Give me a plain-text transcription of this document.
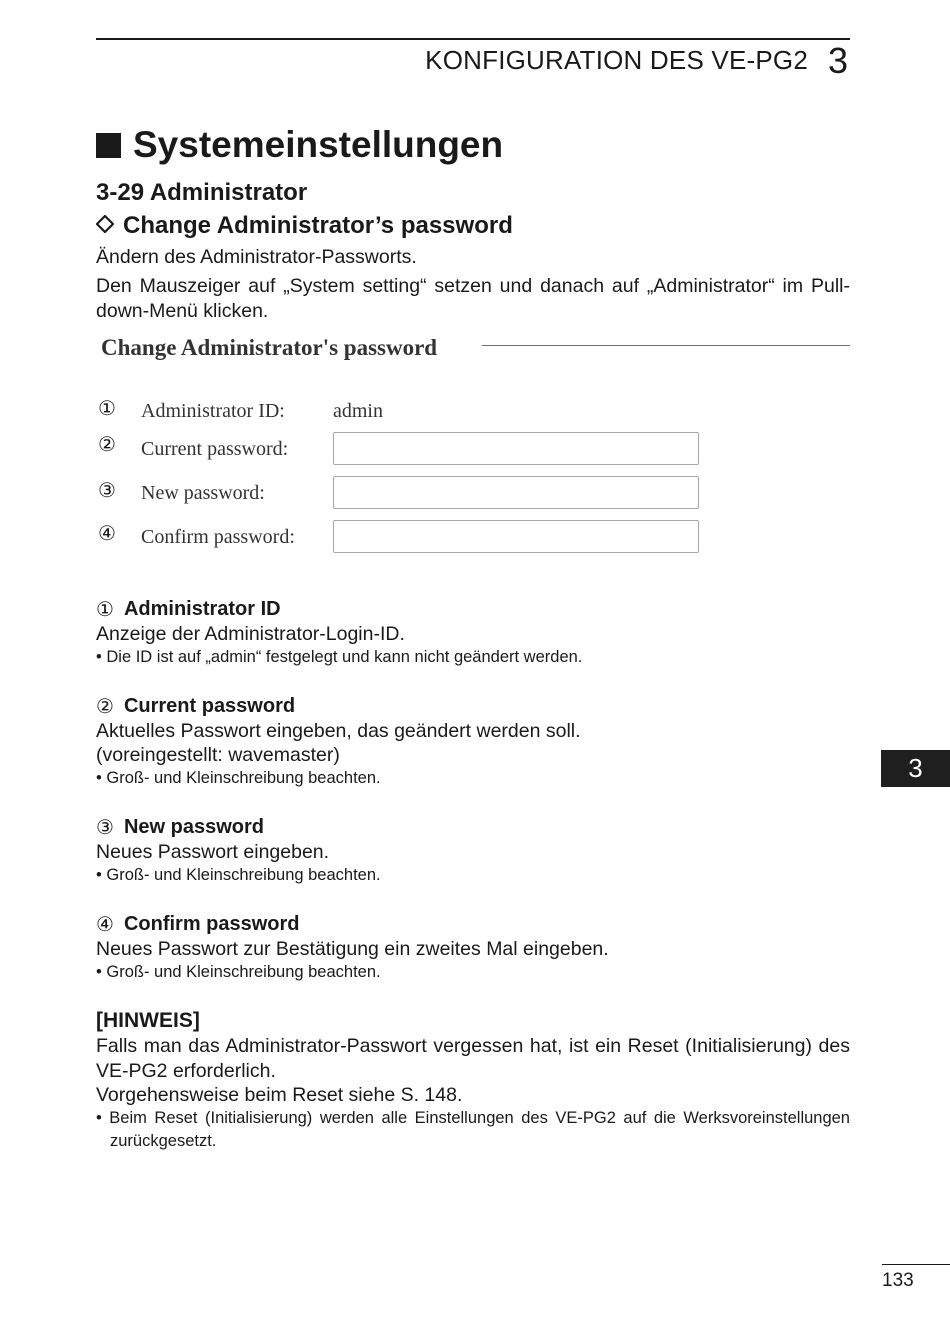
KONFIGURATION DES VE-PG2 3
Systemeinstellungen
3-29 Administrator
Change Administrator’s password
Ändern des Administrator-Passworts.
Den Mauszeiger auf „System setting“ setzen und danach auf „Administrator“ im Pull-down-Menü klicken.
Change Administrator's password
① Administrator ID: admin
② Current password:
③ New password:
④ Confirm password:
① Administrator ID
Anzeige der Administrator-Login-ID.
• Die ID ist auf „admin“ festgelegt und kann nicht geändert werden.
② Current password
Aktuelles Passwort eingeben, das geändert werden soll.
(voreingestellt: wavemaster)
• Groß- und Kleinschreibung beachten.
③ New password
Neues Passwort eingeben.
• Groß- und Kleinschreibung beachten.
④ Confirm password
Neues Passwort zur Bestätigung ein zweites Mal eingeben.
• Groß- und Kleinschreibung beachten.
[HINWEIS]
Falls man das Administrator-Passwort vergessen hat, ist ein Reset (Initialisierung) des VE-PG2 erforderlich.
Vorgehensweise beim Reset siehe S. 148.
• Beim Reset (Initialisierung) werden alle Einstellungen des VE-PG2 auf die Werksvoreinstellungen zurückgesetzt.
3
133
